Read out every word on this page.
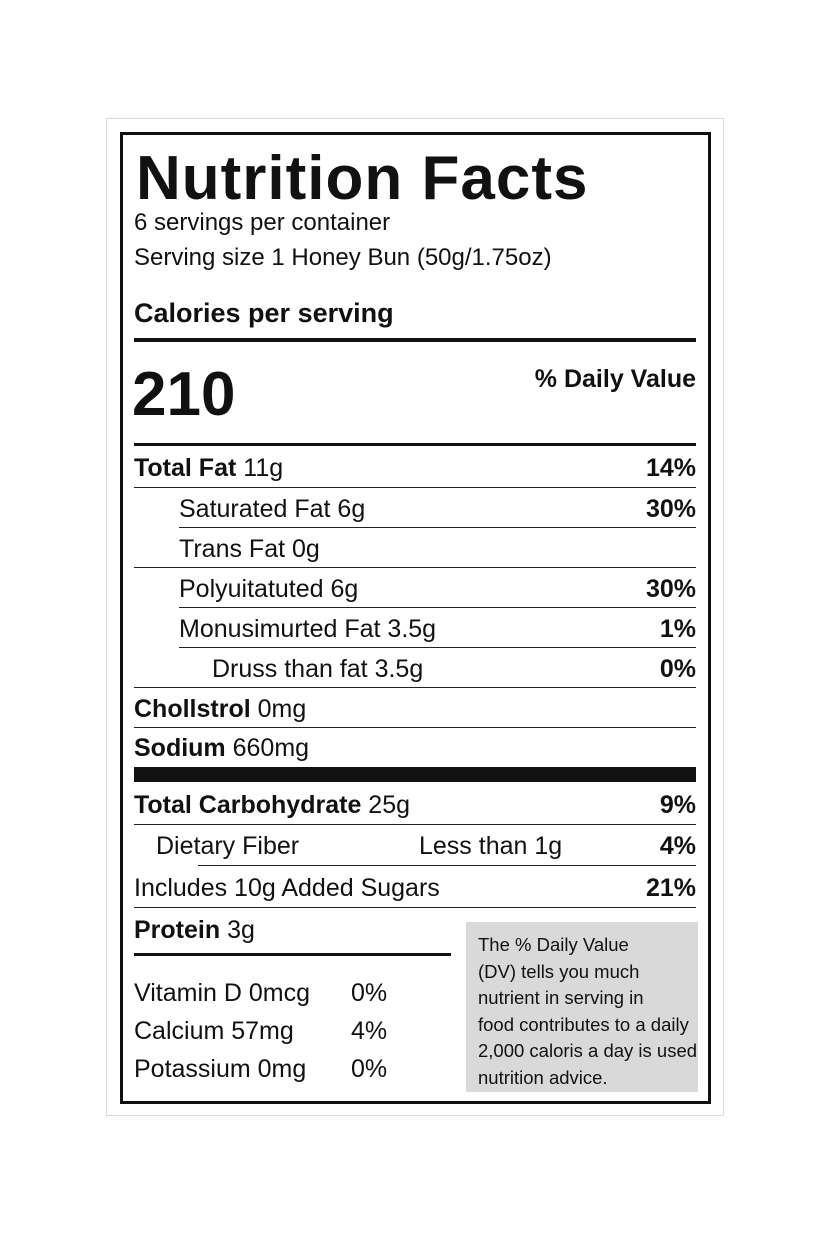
Nutrition Facts
6 servings per container
Serving size 1 Honey Bun (50g/1.75oz)
Calories per serving
210	% Daily Value
Total Fat 11g	14%
Saturated Fat 6g	30%
Trans Fat 0g
Polyuitatuted 6g	30%
Monusimurted Fat 3.5g	1%
Druss than fat 3.5g	0%
Chollstrol 0mg
Sodium 660mg
Total Carbohydrate 25g	9%
Dietary Fiber	Less than 1g	4%
Includes 10g Added Sugars	21%
Protein 3g
Vitamin D 0mcg 0%
Calcium 57mg 4%
Potassium 0mg 0%
The % Daily Value
(DV) tells you much
nutrient in serving in
food contributes to a daily
2,000 caloris a day is used
nutrition advice.
